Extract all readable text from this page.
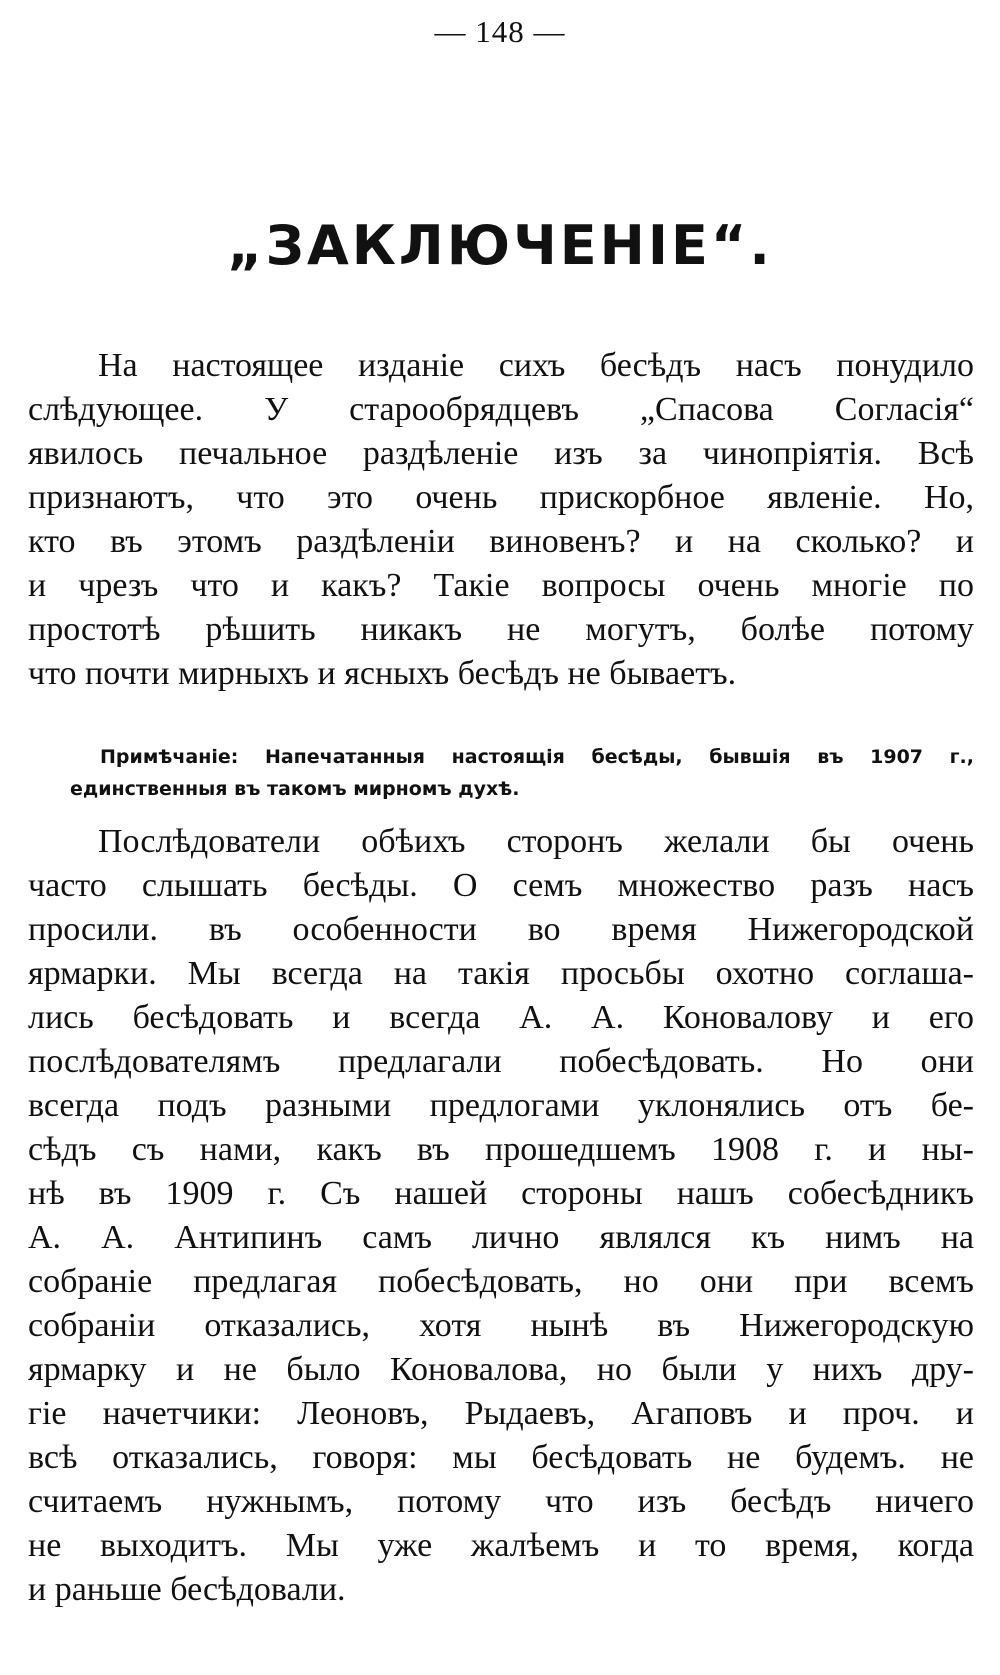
— 148 —
„ЗАКЛЮЧЕНІЕ“.
На настоящее изданіе сихъ бесѣдъ насъ понудило
слѣдующее. У старообрядцевъ „Спасова Согласія“
явилось печальное раздѣленіе изъ за чинопріятія. Всѣ
признаютъ, что это очень прискорбное явленіе. Но,
кто въ этомъ раздѣленіи виновенъ? и на сколько? и
и чрезъ что и какъ? Такіе вопросы очень многіе по
простотѣ рѣшить никакъ не могутъ, болѣе потому
что почти мирныхъ и ясныхъ бесѣдъ не бываетъ.
Примѣчаніе: Напечатанныя настоящія бесѣды, бывшія въ 1907 г.,
единственныя въ такомъ мирномъ духѣ.
Послѣдователи обѣихъ сторонъ желали бы очень
часто слышать бесѣды. О семъ множество разъ насъ
просили. въ особенности во время Нижегородской
ярмарки. Мы всегда на такія просьбы охотно соглаша-
лись бесѣдовать и всегда А. А. Коновалову и его
послѣдователямъ предлагали побесѣдовать. Но они
всегда подъ разными предлогами уклонялись отъ бе-
сѣдъ съ нами, какъ въ прошедшемъ 1908 г. и ны-
нѣ въ 1909 г. Съ нашей стороны нашъ собесѣдникъ
А. А. Антипинъ самъ лично являлся къ нимъ на
собраніе предлагая побесѣдовать, но они при всемъ
собраніи отказались, хотя нынѣ въ Нижегородскую
ярмарку и не было Коновалова, но были у нихъ дру-
гіе начетчики: Леоновъ, Рыдаевъ, Агаповъ и проч. и
всѣ отказались, говоря: мы бесѣдовать не будемъ. не
считаемъ нужнымъ, потому что изъ бесѣдъ ничего
не выходитъ. Мы уже жалѣемъ и то время, когда
и раньше бесѣдовали.
